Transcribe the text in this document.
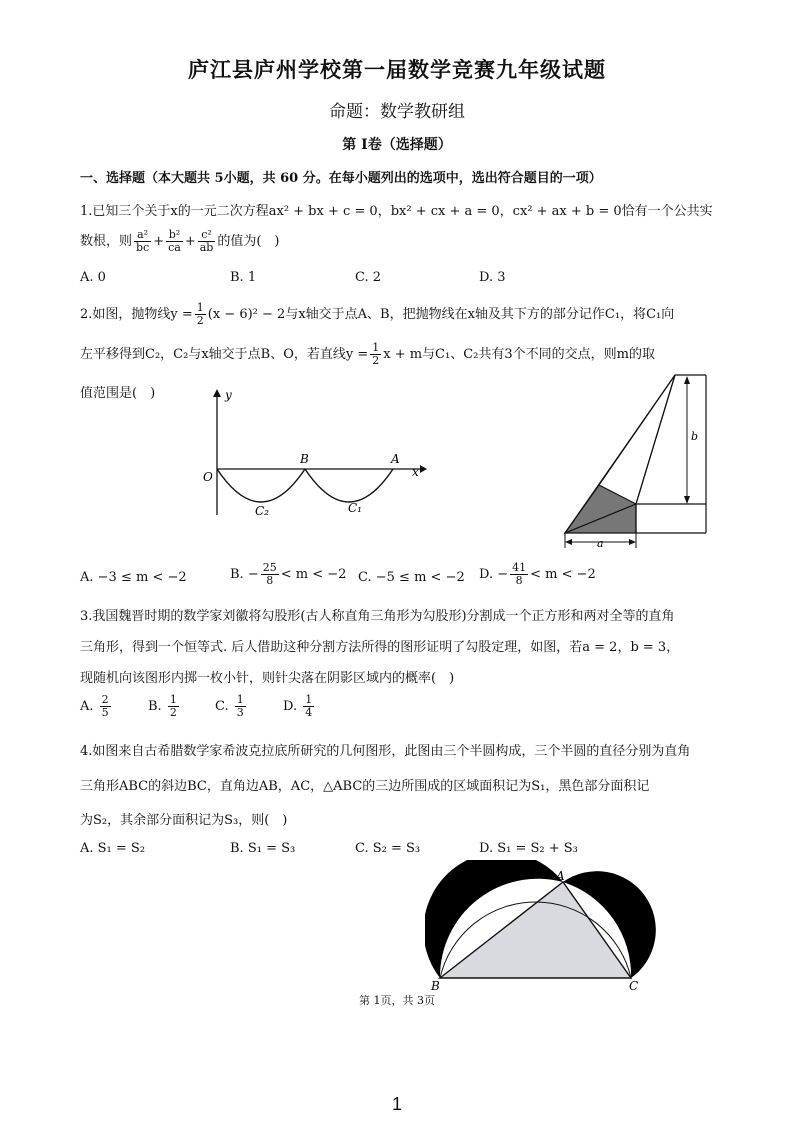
庐江县庐州学校第一届数学竞赛九年级试题
命题：数学教研组
第 I卷（选择题）
一、选择题（本大题共 5小题，共 60 分。在每小题列出的选项中，选出符合题目的一项）
1.已知三个关于x的一元二次方程ax² + bx + c = 0，bx² + cx + a = 0，cx² + ax + b = 0恰有一个公共实
数根，则 $\frac{\text{a²}}{bc} + \frac{\text{b²}}{ca} + \frac{\text{c²}}{ab}$ 的值为(　)
A. 0	B. 1	C. 2	D. 3
2.如图，抛物线$y = \frac{1}{2} (x - 6)^2 - 2$与x轴交于点A、B，把抛物线在x轴及其下方的部分记作C₁，将C₁向
左平移得到C₂，C₂与x轴交于点B、O，若直线$y = \frac{1}{2}$ x + m与C₁、C₂共有3个不同的交点，则m的取
值范围是(　)	y
x
O
B	A
C₂	C₁
b
a
A. −3 ≤ m < −2	B. − $\frac{25}{8} < m < -2$ C. −5 ≤ m < −2 D. − $\frac{41}{8} < m < -2$
3.我国魏晋时期的数学家刘徽将勾股形(古人称直角三角形为勾股形)分割成一个正方形和两对全等的直角
三角形，得到一个恒等式. 后人借助这种分割方法所得的图形证明了勾股定理，如图，若a = 2，b = 3，
现随机向该图形内掷一枚小针，则针尖落在阴影区域内的概率(　)
A. $\frac{2}{5}$	B. $\frac{1}{2}$	C. $\frac{1}{3}$	D. $\frac{1}{4}$
4.如图来自古希腊数学家希波克拉底所研究的几何图形，此图由三个半圆构成，三个半圆的直径分别为直角
三角形ABC的斜边BC，直角边AB，AC，△ABC的三边所围成的区域面积记为S₁，黑色部分面积记
为S₂，其余部分面积记为S₃，则(　)
A. S₁ = S₂	B. S₁ = S₃	C. S₂ = S₃	D. S₁ = S₂ + S₃
A
B	C
第 1页，共 3页
1
